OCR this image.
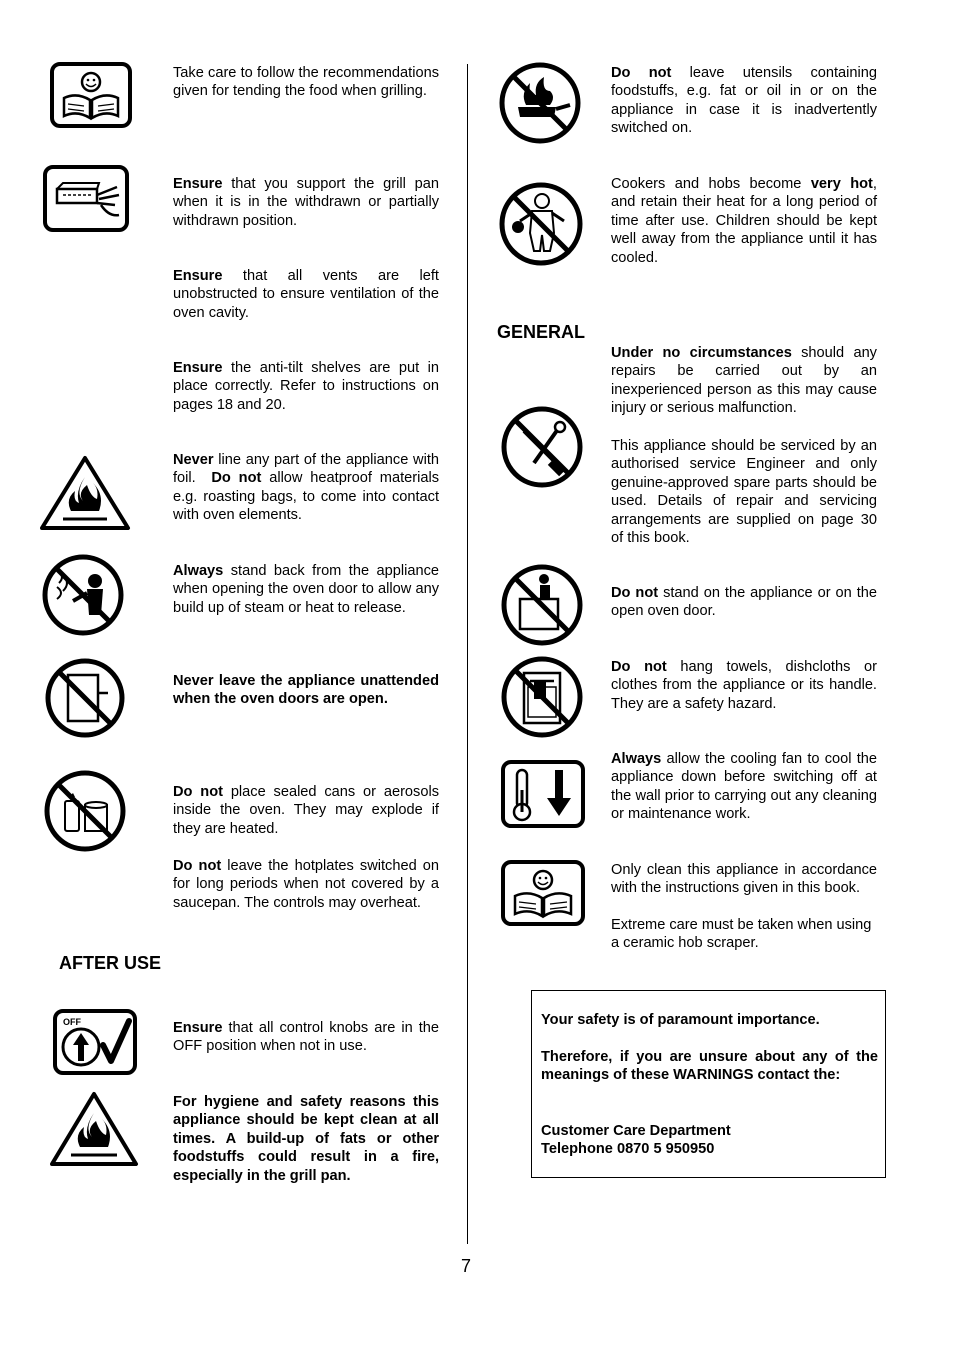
OFF

Take care to follow the recommendations given for tending the food when grilling.

Ensure that you support the grill pan when it is in the withdrawn or partially withdrawn position.

Ensure that all vents are left unobstructed to ensure ventilation of the oven cavity.

Ensure the anti-tilt shelves are put in place correctly. Refer to instructions on pages 18 and 20.

Never line any part of the appliance with foil.  Do not allow heatproof materials e.g. roasting bags, to come into contact with oven elements.

Always stand back from the appliance when opening the oven door to allow any build up of steam or heat to release.

Never leave the appliance unattended when the oven doors are open.

Do not place sealed cans or aerosols inside the oven. They may explode if they are heated.

Do not leave the hotplates switched on for long periods when not covered by a saucepan. The controls may overheat.

AFTER USE

Ensure that all control knobs are in the OFF position when not in use.

For hygiene and safety reasons this appliance should be kept clean at all times. A build-up of fats or other foodstuffs could result in a fire, especially in the grill pan.

Do not leave utensils containing foodstuffs, e.g. fat or oil in or on the appliance in case it is inadvertently switched on.

Cookers and hobs become very hot, and retain their heat for a long period of time after use. Children should be kept well away from the appliance until it has cooled.

GENERAL

Under no circumstances should any repairs be carried out by an inexperienced person as this may cause injury or serious malfunction.

This appliance should be serviced by an authorised service Engineer and only genuine-approved spare parts should be used. Details of repair and servicing arrangements are supplied on page 30 of this book.

Do not stand on the appliance or on the open oven door.

Do not hang towels, dishcloths or clothes from the appliance or its handle. They are a safety hazard.

Always allow the cooling fan to cool the appliance down before switching off at the wall prior to carrying out any cleaning or maintenance work.

Only clean this appliance in accordance with the instructions given in this book.

Extreme care must be taken when using a ceramic hob scraper.

Your safety is of paramount importance.

Therefore, if you are unsure about any of the meanings of these WARNINGS contact the:

Customer Care Department

Telephone 0870 5 950950

7
